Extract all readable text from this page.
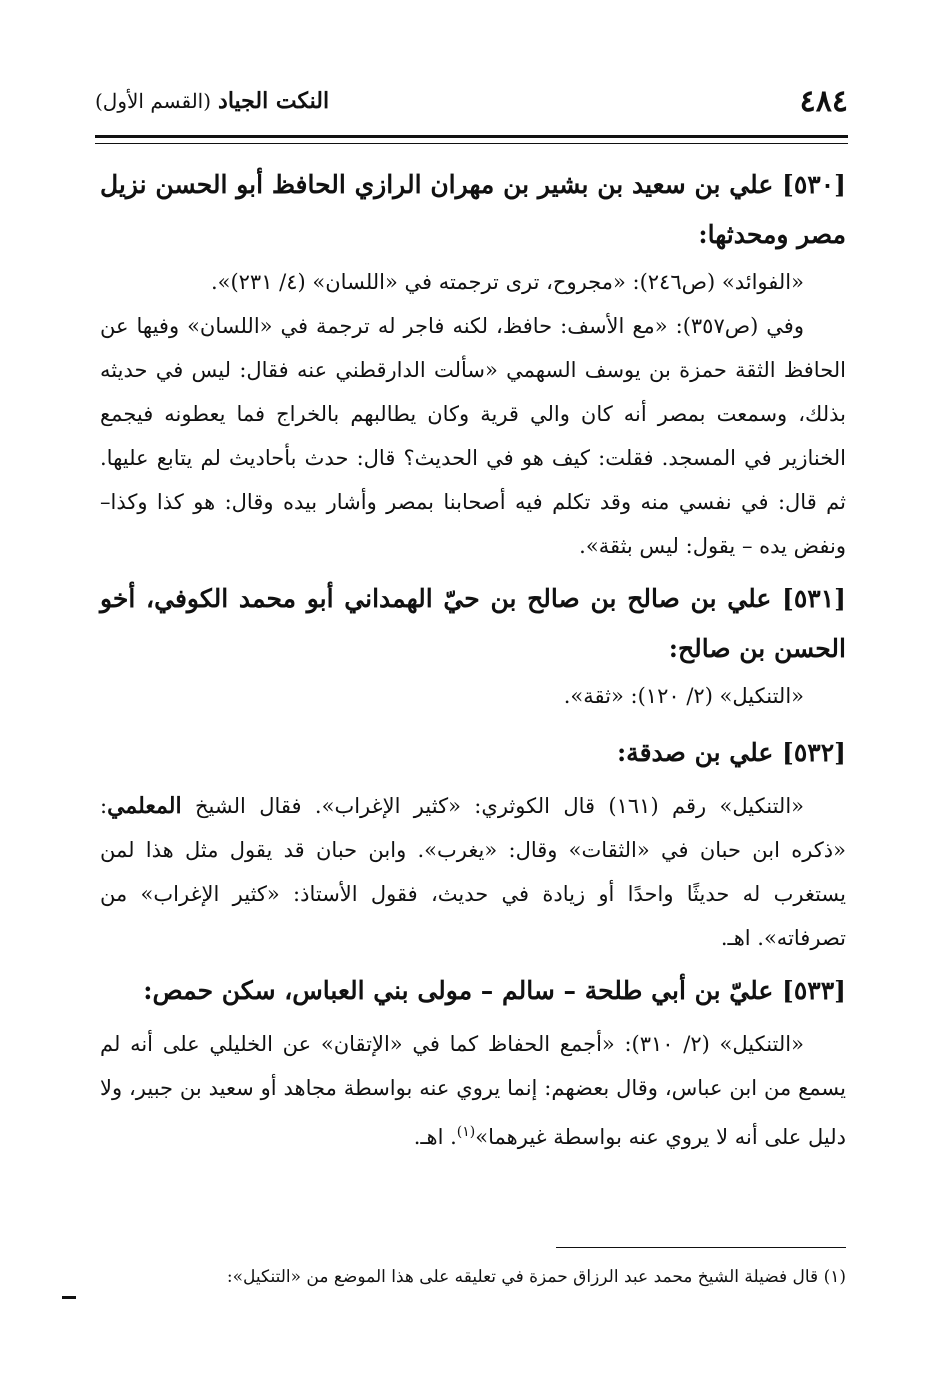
٤٨٤
النكت الجياد (القسم الأول)

[٥٣٠] علي بن سعيد بن بشير بن مهران الرازي الحافظ أبو الحسن نزيل مصر ومحدثها:

«الفوائد» (ص٢٤٦): «مجروح، ترى ترجمته في «اللسان» (٤/ ٢٣١)».

وفي (ص٣٥٧): «مع الأسف: حافظ، لكنه فاجر له ترجمة في «اللسان» وفيها عن الحافظ الثقة حمزة بن يوسف السهمي «سألت الدارقطني عنه فقال: ليس في حديثه بذلك، وسمعت بمصر أنه كان والي قرية وكان يطالبهم بالخراج فما يعطونه فيجمع الخنازير في المسجد. فقلت: كيف هو في الحديث؟ قال: حدث بأحاديث لم يتابع عليها. ثم قال: في نفسي منه وقد تكلم فيه أصحابنا بمصر وأشار بيده وقال: هو كذا وكذا– ونفض يده – يقول: ليس بثقة».

[٥٣١] علي بن صالح بن صالح بن حيّ الهمداني أبو محمد الكوفي، أخو الحسن بن صالح:

«التنكيل» (٢/ ١٢٠): «ثقة».

[٥٣٢] علي بن صدقة:

«التنكيل» رقم (١٦١) قال الكوثري: «كثير الإغراب». فقال الشيخ المعلمي: «ذكره ابن حبان في «الثقات» وقال: «يغرب». وابن حبان قد يقول مثل هذا لمن يستغرب له حديثًا واحدًا أو زيادة في حديث، فقول الأستاذ: «كثير الإغراب» من تصرفاته». اهـ.

[٥٣٣] عليّ بن أبي طلحة – سالم – مولى بني العباس، سكن حمص:

«التنكيل» (٢/ ٣١٠): «أجمع الحفاظ كما في «الإتقان» عن الخليلي على أنه لم يسمع من ابن عباس، وقال بعضهم: إنما يروي عنه بواسطة مجاهد أو سعيد بن جبير، ولا دليل على أنه لا يروي عنه بواسطة غيرهما»$^{(١)}$. اهـ.

(١) قال فضيلة الشيخ محمد عبد الرزاق حمزة في تعليقه على هذا الموضع من «التنكيل»:
